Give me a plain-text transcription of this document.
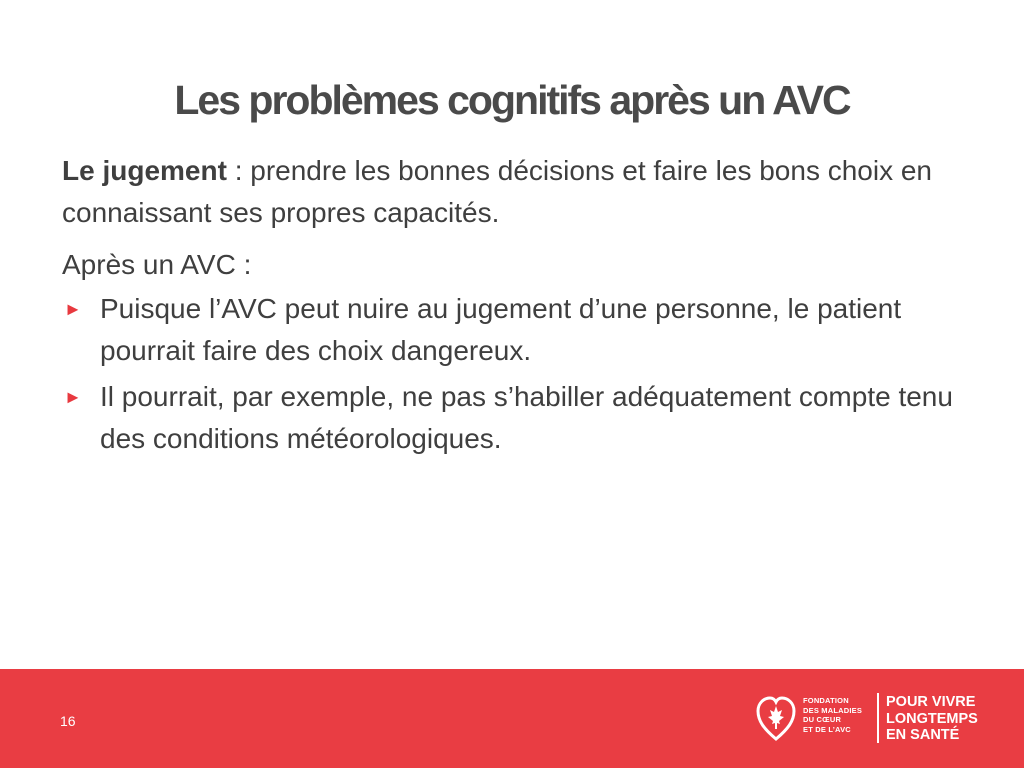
Les problèmes cognitifs après un AVC

Le jugement : prendre les bonnes décisions et faire les bons choix en connaissant ses propres capacités.

Après un AVC :

► Puisque l’AVC peut nuire au jugement d’une personne, le patient pourrait faire des choix dangereux.
► Il pourrait, par exemple, ne pas s’habiller adéquatement compte tenu des conditions météorologiques.
16
FONDATION
DES MALADIES
DU CŒUR
ET DE L’AVC
POUR VIVRE
LONGTEMPS
EN SANTÉ
